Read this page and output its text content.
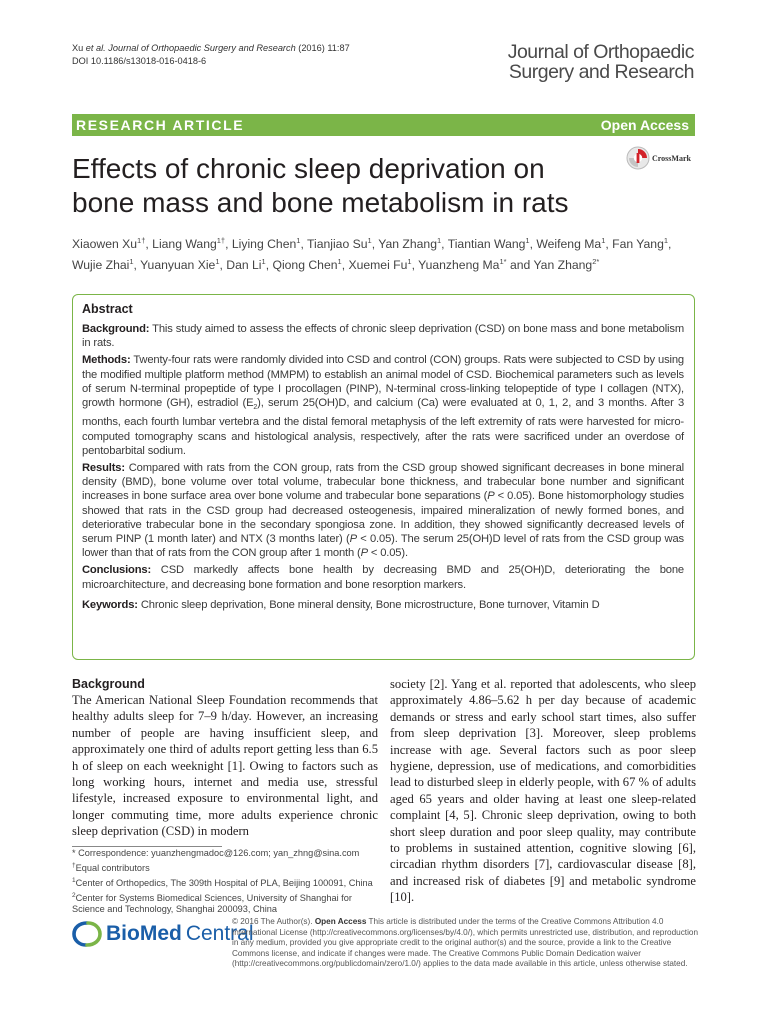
Xu et al. Journal of Orthopaedic Surgery and Research (2016) 11:87
DOI 10.1186/s13018-016-0418-6	Journal of Orthopaedic
Surgery and Research
RESEARCH ARTICLE	Open Access
Effects of chronic sleep deprivation on bone mass and bone metabolism in rats
CrossMark
Xiaowen $Xu^{1\dagger}$, Liang Wang$^{1\dagger}$, Liying Chen$^1$, Tianjiao Su$^1$, Yan Zhang$^1$, Tiantian Wang$^1$, Weifeng Ma$^1$, Fan Yang$^1$, Wujie Zhai$^1$, Yuanyuan Xie$^1$, Dan Li$^1$, Qiong Chen$^1$, Xuemei Fu$^1$, Yuanzheng $Ma^{1*}$ and Yan Zhang$^{2*}$
Abstract

Background: This study aimed to assess the effects of chronic sleep deprivation (CSD) on bone mass and bone metabolism in rats.

Methods: Twenty-four rats were randomly divided into CSD and control (CON) groups. Rats were subjected to CSD by using the modified multiple platform method (MMPM) to establish an animal model of CSD. Biochemical parameters such as levels of serum N-terminal propeptide of type I procollagen (PINP), N-terminal cross-linking telopeptide of type I collagen (NTX), growth hormone (GH), estradiol $(E_2)$, serum 25(OH)D, and calcium (Ca) were evaluated at 0, 1, 2, and 3 months. After 3 months, each fourth lumbar vertebra and the distal femoral metaphysis of the left extremity of rats were harvested for micro-computed tomography scans and histological analysis, respectively, after the rats were sacrificed under an overdose of pentobarbital sodium.

Results: Compared with rats from the CON group, rats from the CSD group showed significant decreases in bone mineral density (BMD), bone volume over total volume, trabecular bone thickness, and trabecular bone number and significant increases in bone surface area over bone volume and trabecular bone separations (P < 0.05). Bone histomorphology studies showed that rats in the CSD group had decreased osteogenesis, impaired mineralization of newly formed bones, and deteriorative trabecular bone in the secondary spongiosa zone. In addition, they showed significantly decreased levels of serum PINP (1 month later) and NTX (3 months later) (P < 0.05). The serum 25(OH)D level of rats from the CSD group was lower than that of rats from the CON group after 1 month (P < 0.05).

Conclusions: CSD markedly affects bone health by decreasing BMD and 25(OH)D, deteriorating the bone microarchitecture, and decreasing bone formation and bone resorption markers.

Keywords: Chronic sleep deprivation, Bone mineral density, Bone microstructure, Bone turnover, Vitamin D

Background

The American National Sleep Foundation recommends that healthy adults sleep for 7–9 h/day. However, an increasing number of people are having insufficient sleep, and approximately one third of adults report getting less than 6.5 h of sleep on each weeknight [1]. Owing to factors such as long working hours, internet and media use, stressful lifestyle, increased exposure to environmental light, and longer commuting time, more adults experience chronic sleep deprivation (CSD) in modern

society [2]. Yang et al. reported that adolescents, who sleep approximately 4.86–5.62 h per day because of academic demands or stress and early school start times, also suffer from sleep deprivation [3]. Moreover, sleep problems increase with age. Several factors such as poor sleep hygiene, depression, use of medications, and comorbidities lead to disturbed sleep in elderly people, with 67 % of adults aged 65 years and older having at least one sleep-related complaint [4, 5]. Chronic sleep deprivation, owing to both short sleep duration and poor sleep quality, may contribute to problems in sustained attention, cognitive slowing [6], circadian rhythm disorders [7], cardiovascular disease [8], and increased risk of diabetes [9] and metabolic syndrome [10].

* Correspondence: yuanzhengmadoc@126.com; yan_zhng@sina.com

†Equal contributors

$^1$Center of Orthopedics, The 309th Hospital of PLA, Beijing 100091, China

$^2$Center for Systems Biomedical Sciences, University of Shanghai for Science and Technology, Shanghai 200093, China

BioMed Central
© 2016 The Author(s). Open Access This article is distributed under the terms of the Creative Commons Attribution 4.0 International License (http://creativecommons.org/licenses/by/4.0/), which permits unrestricted use, distribution, and reproduction in any medium, provided you give appropriate credit to the original author(s) and the source, provide a link to the Creative Commons license, and indicate if changes were made. The Creative Commons Public Domain Dedication waiver (http://creativecommons.org/publicdomain/zero/1.0/) applies to the data made available in this article, unless otherwise stated.
